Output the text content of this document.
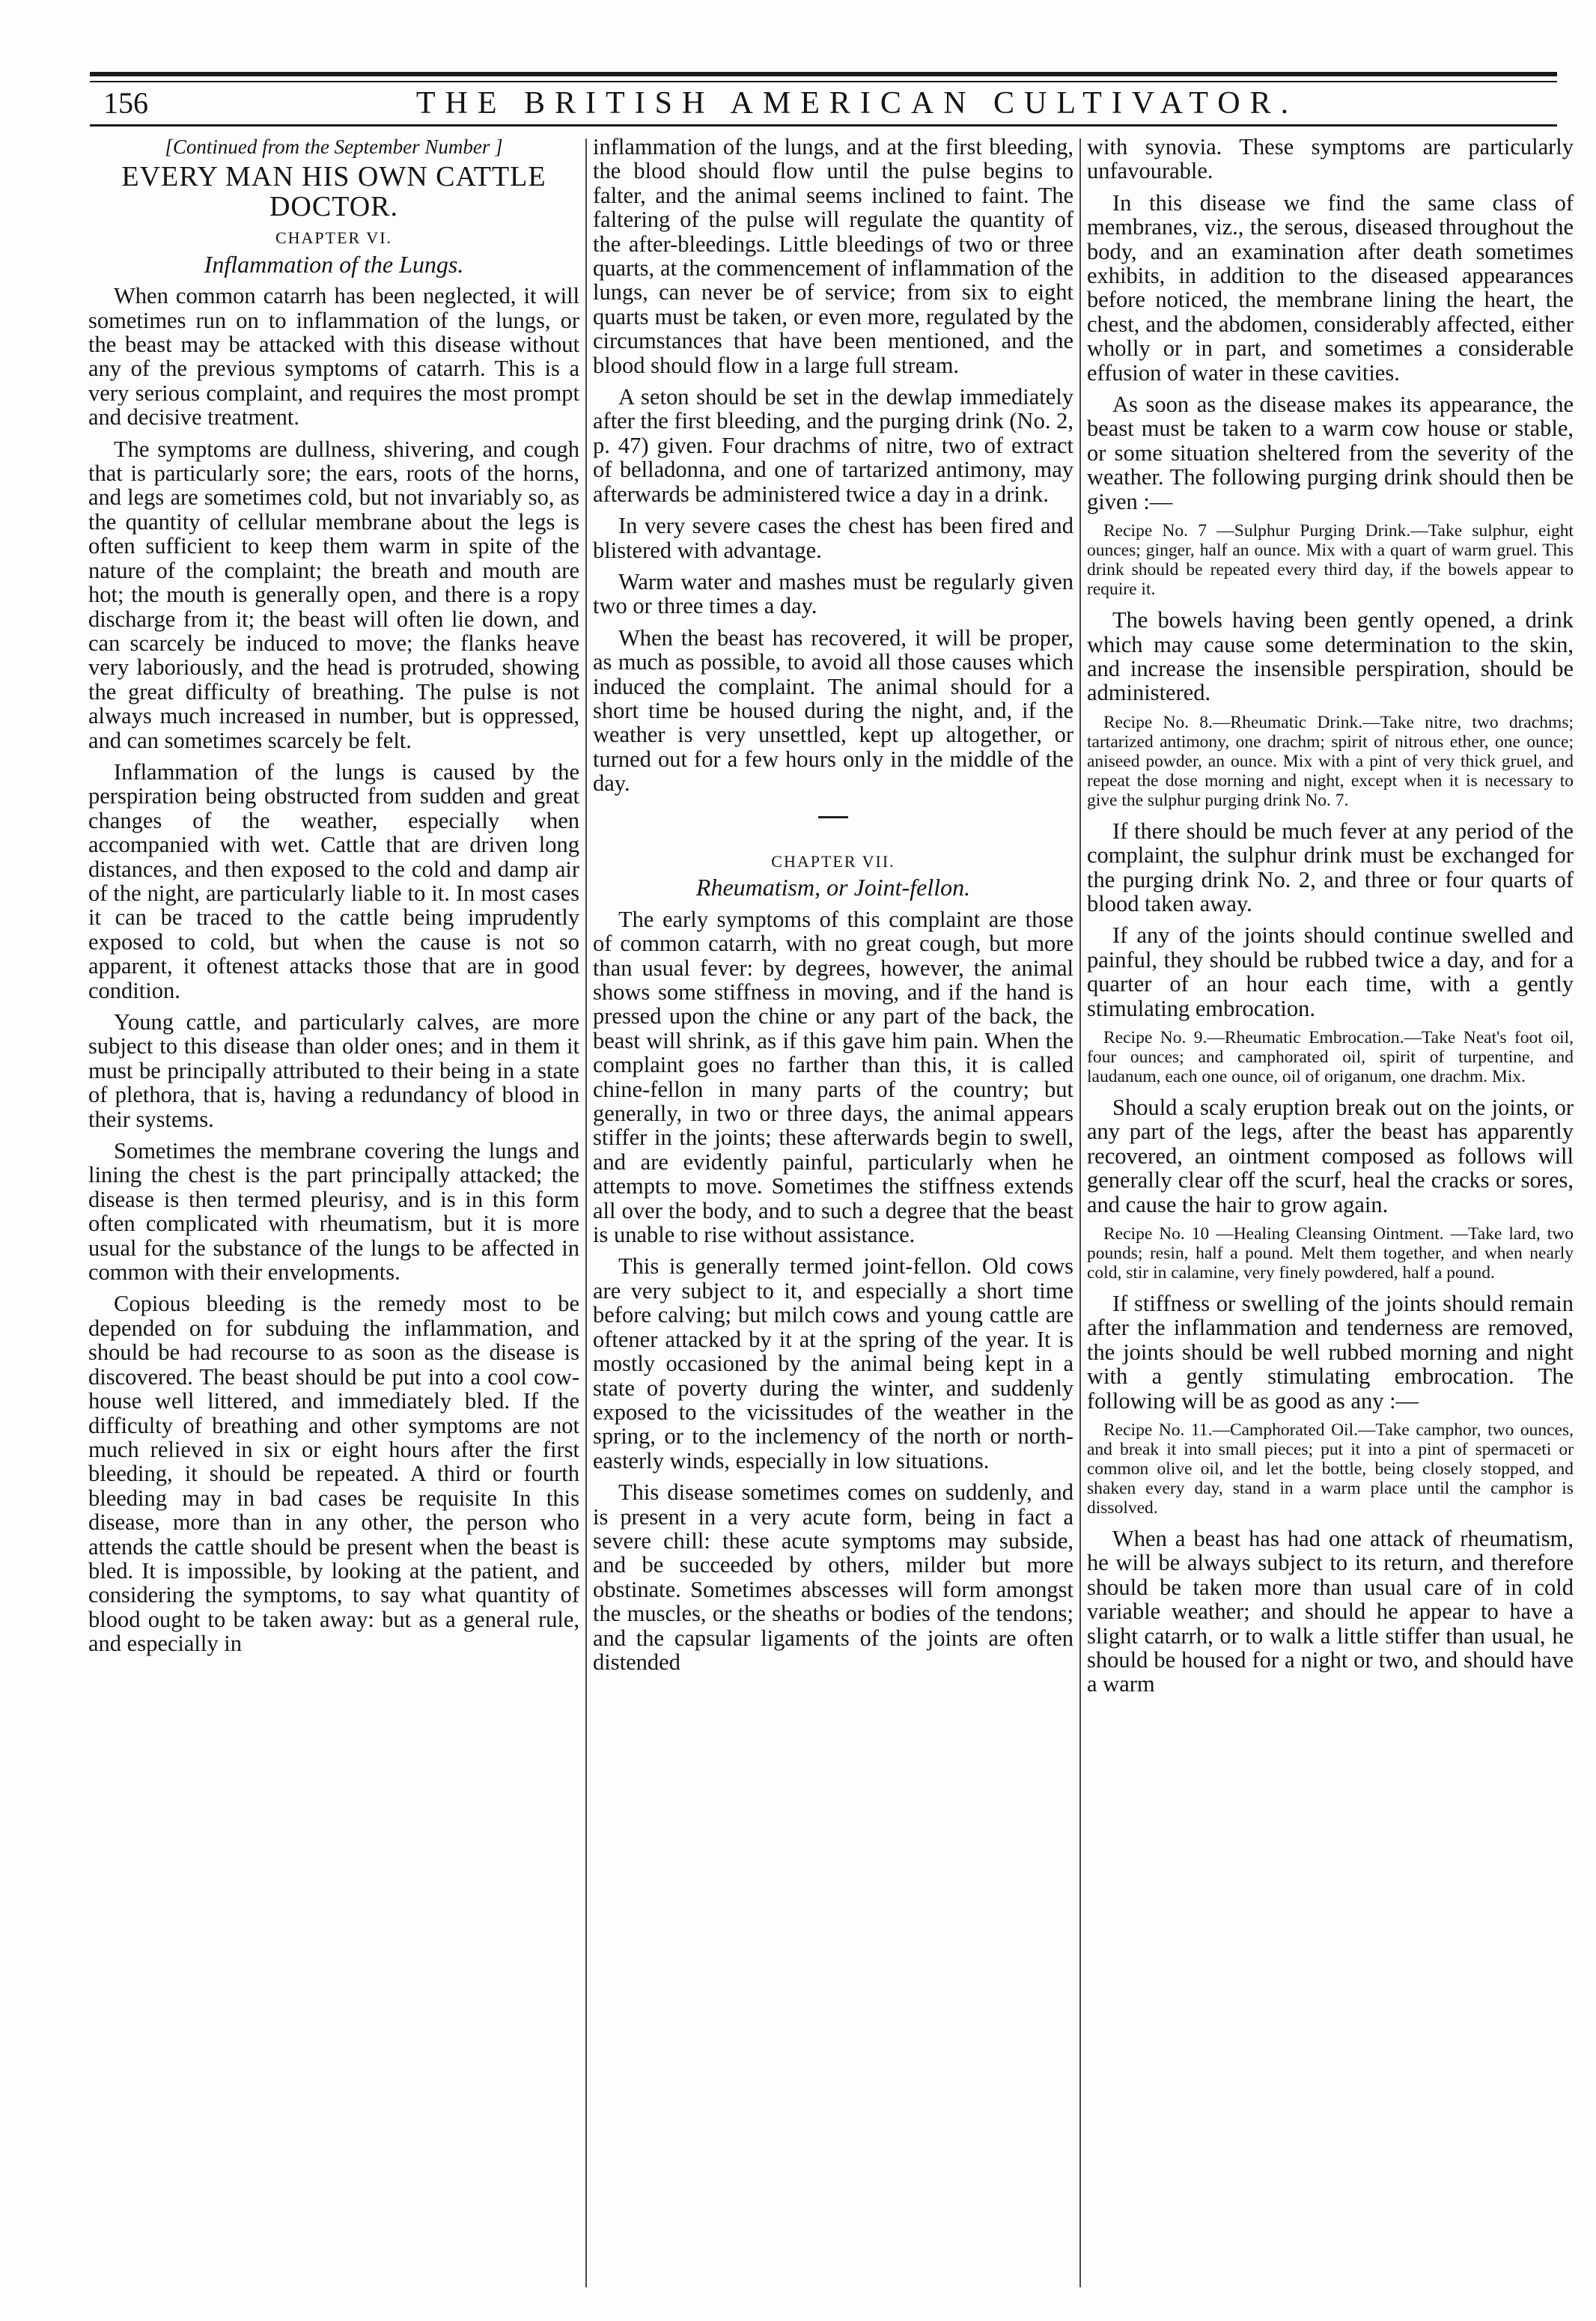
156	THE BRITISH AMERICAN CULTIVATOR.
[Continued from the September Number ]
EVERY MAN HIS OWN CATTLE
DOCTOR.
CHAPTER VI.
Inflammation of the Lungs.

When common catarrh has been neglected, it will sometimes run on to inflammation of the lungs, or the beast may be attacked with this disease without any of the previous symptoms of catarrh. This is a very serious complaint, and requires the most prompt and decisive treatment.

The symptoms are dullness, shivering, and cough that is particularly sore; the ears, roots of the horns, and legs are sometimes cold, but not invariably so, as the quantity of cellular membrane about the legs is often sufficient to keep them warm in spite of the nature of the complaint; the breath and mouth are hot; the mouth is generally open, and there is a ropy discharge from it; the beast will often lie down, and can scarcely be induced to move; the flanks heave very laboriously, and the head is protruded, showing the great difficulty of breathing. The pulse is not always much increased in number, but is oppressed, and can sometimes scarcely be felt.

Inflammation of the lungs is caused by the perspiration being obstructed from sudden and great changes of the weather, especially when accompanied with wet. Cattle that are driven long distances, and then exposed to the cold and damp air of the night, are particularly liable to it. In most cases it can be traced to the cattle being imprudently exposed to cold, but when the cause is not so apparent, it oftenest attacks those that are in good condition.

Young cattle, and particularly calves, are more subject to this disease than older ones; and in them it must be principally attributed to their being in a state of plethora, that is, having a redundancy of blood in their systems.

Sometimes the membrane covering the lungs and lining the chest is the part principally attacked; the disease is then termed pleurisy, and is in this form often complicated with rheumatism, but it is more usual for the substance of the lungs to be affected in common with their envelopments.

Copious bleeding is the remedy most to be depended on for subduing the inflammation, and should be had recourse to as soon as the disease is discovered. The beast should be put into a cool cow-house well littered, and immediately bled. If the difficulty of breathing and other symptoms are not much relieved in six or eight hours after the first bleeding, it should be repeated. A third or fourth bleeding may in bad cases be requisite In this disease, more than in any other, the person who attends the cattle should be present when the beast is bled. It is impossible, by looking at the patient, and considering the symptoms, to say what quantity of blood ought to be taken away: but as a general rule, and especially in

inflammation of the lungs, and at the first bleeding, the blood should flow until the pulse begins to falter, and the animal seems inclined to faint. The faltering of the pulse will regulate the quantity of the after-bleedings. Little bleedings of two or three quarts, at the commencement of inflammation of the lungs, can never be of service; from six to eight quarts must be taken, or even more, regulated by the circumstances that have been mentioned, and the blood should flow in a large full stream.

A seton should be set in the dewlap immediately after the first bleeding, and the purging drink (No. 2, p. 47) given. Four drachms of nitre, two of extract of belladonna, and one of tartarized antimony, may afterwards be administered twice a day in a drink.

In very severe cases the chest has been fired and blistered with advantage.

Warm water and mashes must be regularly given two or three times a day.

When the beast has recovered, it will be proper, as much as possible, to avoid all those causes which induced the complaint. The animal should for a short time be housed during the night, and, if the weather is very unsettled, kept up altogether, or turned out for a few hours only in the middle of the day.

CHAPTER VII.
Rheumatism, or Joint-fellon.

The early symptoms of this complaint are those of common catarrh, with no great cough, but more than usual fever: by degrees, however, the animal shows some stiffness in moving, and if the hand is pressed upon the chine or any part of the back, the beast will shrink, as if this gave him pain. When the complaint goes no farther than this, it is called chine-fellon in many parts of the country; but generally, in two or three days, the animal appears stiffer in the joints; these afterwards begin to swell, and are evidently painful, particularly when he attempts to move. Sometimes the stiffness extends all over the body, and to such a degree that the beast is unable to rise without assistance.

This is generally termed joint-fellon. Old cows are very subject to it, and especially a short time before calving; but milch cows and young cattle are oftener attacked by it at the spring of the year. It is mostly occasioned by the animal being kept in a state of poverty during the winter, and suddenly exposed to the vicissitudes of the weather in the spring, or to the inclemency of the north or north-easterly winds, especially in low situations.

This disease sometimes comes on suddenly, and is present in a very acute form, being in fact a severe chill: these acute symptoms may subside, and be succeeded by others, milder but more obstinate. Sometimes abscesses will form amongst the muscles, or the sheaths or bodies of the tendons; and the capsular ligaments of the joints are often distended

with synovia. These symptoms are particularly unfavourable.

In this disease we find the same class of membranes, viz., the serous, diseased throughout the body, and an examination after death sometimes exhibits, in addition to the diseased appearances before noticed, the membrane lining the heart, the chest, and the abdomen, considerably affected, either wholly or in part, and sometimes a considerable effusion of water in these cavities.

As soon as the disease makes its appearance, the beast must be taken to a warm cow house or stable, or some situation sheltered from the severity of the weather. The following purging drink should then be given :—

Recipe No. 7 —Sulphur Purging Drink.—Take sulphur, eight ounces; ginger, half an ounce. Mix with a quart of warm gruel. This drink should be repeated every third day, if the bowels appear to require it.

The bowels having been gently opened, a drink which may cause some determination to the skin, and increase the insensible perspiration, should be administered.

Recipe No. 8.—Rheumatic Drink.—Take nitre, two drachms; tartarized antimony, one drachm; spirit of nitrous ether, one ounce; aniseed powder, an ounce. Mix with a pint of very thick gruel, and repeat the dose morning and night, except when it is necessary to give the sulphur purging drink No. 7.

If there should be much fever at any period of the complaint, the sulphur drink must be exchanged for the purging drink No. 2, and three or four quarts of blood taken away.

If any of the joints should continue swelled and painful, they should be rubbed twice a day, and for a quarter of an hour each time, with a gently stimulating embrocation.

Recipe No. 9.—Rheumatic Embrocation.—Take Neat's foot oil, four ounces; and camphorated oil, spirit of turpentine, and laudanum, each one ounce, oil of origanum, one drachm. Mix.

Should a scaly eruption break out on the joints, or any part of the legs, after the beast has apparently recovered, an ointment composed as follows will generally clear off the scurf, heal the cracks or sores, and cause the hair to grow again.

Recipe No. 10 —Healing Cleansing Ointment. —Take lard, two pounds; resin, half a pound. Melt them together, and when nearly cold, stir in calamine, very finely powdered, half a pound.

If stiffness or swelling of the joints should remain after the inflammation and tenderness are removed, the joints should be well rubbed morning and night with a gently stimulating embrocation. The following will be as good as any :—

Recipe No. 11.—Camphorated Oil.—Take camphor, two ounces, and break it into small pieces; put it into a pint of spermaceti or common olive oil, and let the bottle, being closely stopped, and shaken every day, stand in a warm place until the camphor is dissolved.

When a beast has had one attack of rheumatism, he will be always subject to its return, and therefore should be taken more than usual care of in cold variable weather; and should he appear to have a slight catarrh, or to walk a little stiffer than usual, he should be housed for a night or two, and should have a warm
